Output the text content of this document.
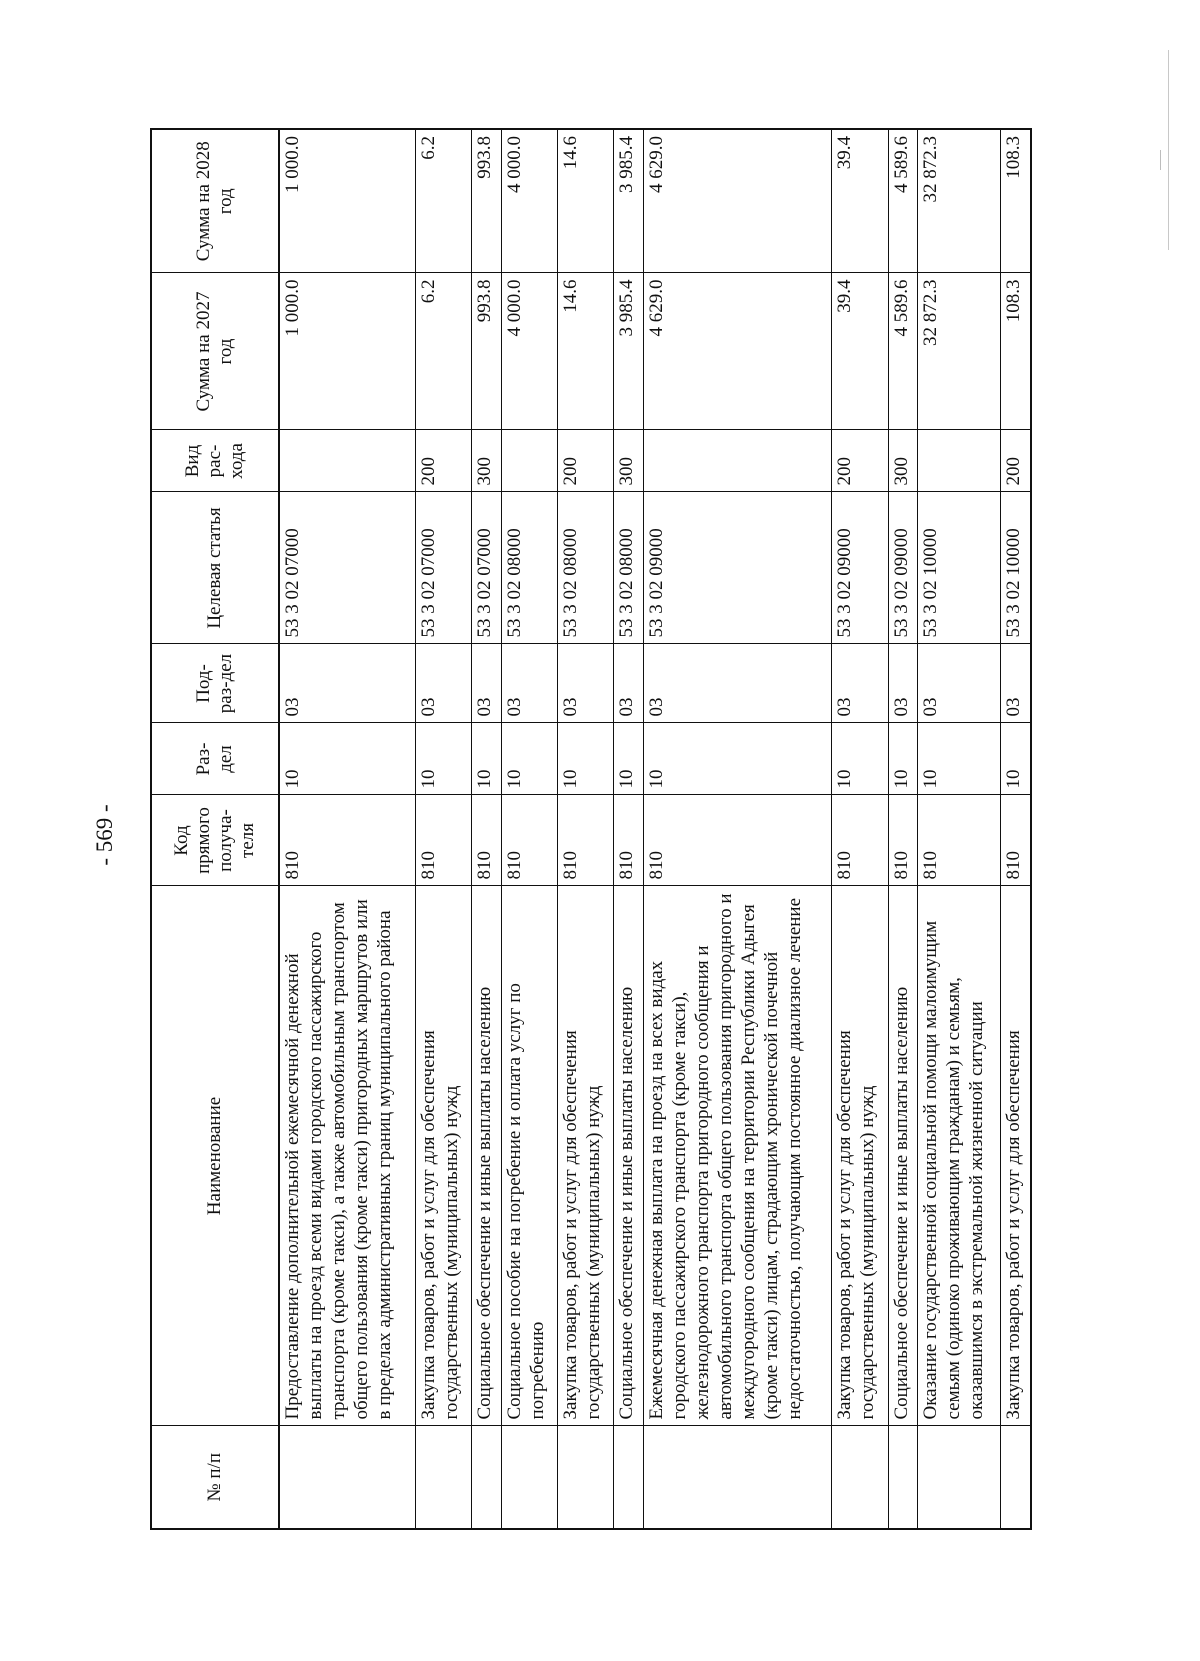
- 569 -
№ п/п	Наименование	Код прямого получа-теля	Раз-дел	Под-раз-дел	Целевая статья	Вид рас-хода	Сумма на 2027 год	Сумма на 2028 год
	Предоставление дополнительной ежемесячной денежной выплаты на проезд всеми видами городского пассажирского транспорта (кроме такси), а также автомобильным транспортом общего пользования (кроме такси) пригородных маршрутов или в пределах административных границ муниципального района	810	10	03	53 3 02 07000		1 000.0	1 000.0
	Закупка товаров, работ и услуг для обеспечения государственных (муниципальных) нужд	810	10	03	53 3 02 07000	200	6.2	6.2
	Социальное обеспечение и иные выплаты населению	810	10	03	53 3 02 07000	300	993.8	993.8
	Социальное пособие на погребение и оплата услуг по погребению	810	10	03	53 3 02 08000		4 000.0	4 000.0
	Закупка товаров, работ и услуг для обеспечения государственных (муниципальных) нужд	810	10	03	53 3 02 08000	200	14.6	14.6
	Социальное обеспечение и иные выплаты населению	810	10	03	53 3 02 08000	300	3 985.4	3 985.4
	Ежемесячная денежная выплата на проезд на всех видах городского пассажирского транспорта (кроме такси), железнодорожного транспорта пригородного сообщения и автомобильного транспорта общего пользования пригородного и междугородного сообщения на территории Республики Адыгея (кроме такси) лицам, страдающим хронической почечной недостаточностью, получающим постоянное диализное лечение	810	10	03	53 3 02 09000		4 629.0	4 629.0
	Закупка товаров, работ и услуг для обеспечения государственных (муниципальных) нужд	810	10	03	53 3 02 09000	200	39.4	39.4
	Социальное обеспечение и иные выплаты населению	810	10	03	53 3 02 09000	300	4 589.6	4 589.6
	Оказание государственной социальной помощи малоимущим семьям (одиноко проживающим гражданам) и семьям, оказавшимся в экстремальной жизненной ситуации	810	10	03	53 3 02 10000		32 872.3	32 872.3
	Закупка товаров, работ и услуг для обеспечения	810	10	03	53 3 02 10000	200	108.3	108.3
